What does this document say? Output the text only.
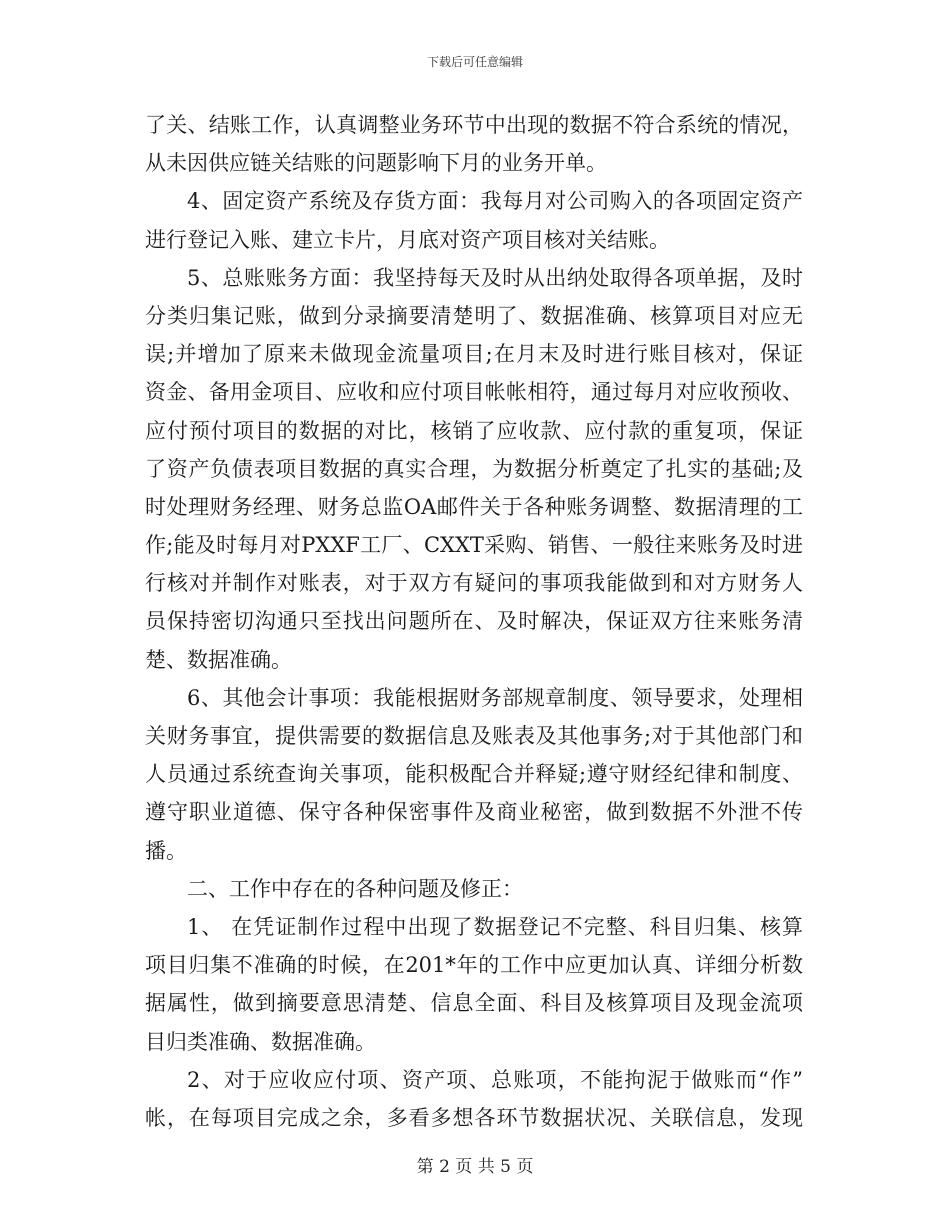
下载后可任意编辑
了关、结账工作，认真调整业务环节中出现的数据不符合系统的情况，
从未因供应链关结账的问题影响下月的业务开单。
4、固定资产系统及存货方面：我每月对公司购入的各项固定资产
进行登记入账、建立卡片，月底对资产项目核对关结账。
5、总账账务方面：我坚持每天及时从出纳处取得各项单据，及时
分类归集记账，做到分录摘要清楚明了、数据准确、核算项目对应无
误;并增加了原来未做现金流量项目;在月末及时进行账目核对，保证
资金、备用金项目、应收和应付项目帐帐相符，通过每月对应收预收、
应付预付项目的数据的对比，核销了应收款、应付款的重复项，保证
了资产负债表项目数据的真实合理，为数据分析奠定了扎实的基础;及
时处理财务经理、财务总监OA邮件关于各种账务调整、数据清理的工
作;能及时每月对PXXF工厂、CXXT采购、销售、一般往来账务及时进
行核对并制作对账表，对于双方有疑问的事项我能做到和对方财务人
员保持密切沟通只至找出问题所在、及时解决，保证双方往来账务清
楚、数据准确。
6、其他会计事项：我能根据财务部规章制度、领导要求，处理相
关财务事宜，提供需要的数据信息及账表及其他事务;对于其他部门和
人员通过系统查询关事项，能积极配合并释疑;遵守财经纪律和制度、
遵守职业道德、保守各种保密事件及商业秘密，做到数据不外泄不传
播。
二、工作中存在的各种问题及修正：
1、 在凭证制作过程中出现了数据登记不完整、科目归集、核算
项目归集不准确的时候，在201*年的工作中应更加认真、详细分析数
据属性，做到摘要意思清楚、信息全面、科目及核算项目及现金流项
目归类准确、数据准确。
2、对于应收应付项、资产项、总账项，不能拘泥于做账而“作”
帐，在每项目完成之余，多看多想各环节数据状况、关联信息，发现
第 2 页 共 5 页
